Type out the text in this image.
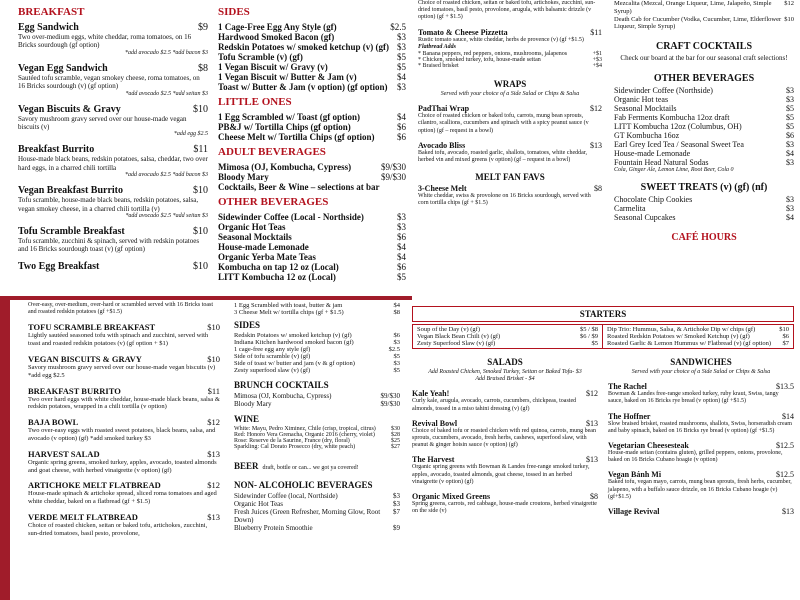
BREAKFAST
Egg Sandwich	$9
Two over-medium eggs, white cheddar, roma tomatoes, on 16 Bricks sourdough (gf option)
*add avocado $2.5 *add bacon $3
Vegan Egg Sandwich	$8
Sautéed tofu scramble, vegan smokey cheese, roma tomatoes, on 16 Bricks sourdough (v) (gf option)
*add avocado $2.5 *add seitan $3
Vegan Biscuits & Gravy	$10
Savory mushroom gravy served over our house-made vegan biscuits (v)
*add egg $2.5
Breakfast Burrito	$11
House-made black beans, redskin potatoes, salsa, cheddar, two over hard eggs, in a charred chili tortilla
*add avocado $2.5 *add bacon $3
Vegan Breakfast Burrito	$10
Tofu scramble, house-made black beans, redskin potatoes, salsa, vegan smokey cheese, in a charred chili tortilla (v)
*add avocado $2.5 *add seitan $3
Tofu Scramble Breakfast	$10
Tofu scramble, zucchini & spinach, served with redskin potatoes and 16 Bricks sourdough toast (v) (gf option)
Two Egg Breakfast	$10
SIDES
1 Cage-Free Egg Any Style (gf)	$2.5
Hardwood Smoked Bacon (gf)	$3
Redskin Potatoes w/ smoked ketchup (v) (gf) $3
Tofu Scramble (v) (gf)	$5
1 Vegan Biscuit w/ Gravy (v)	$5
1 Vegan Biscuit w/ Butter & Jam (v)	$4
Toast w/ Butter & Jam (v option) (gf option) $3
LITTLE ONES
1 Egg Scrambled w/ Toast (gf option)	$4
PB&J w/ Tortilla Chips (gf option)	$6
Cheese Melt w/ Tortilla Chips (gf option)	$6
ADULT BEVERAGES
Mimosa (OJ, Kombucha, Cypress)	$9/$30
Bloody Mary	$9/$30
Cocktails, Beer & Wine – selections at bar
OTHER BEVERAGES
Sidewinder Coffee (Local - Northside)	$3
Organic Hot Teas	$3
Seasonal Mocktails	$6
House-made Lemonade	$4
Organic Yerba Mate Teas	$4
Kombucha on tap 12 oz (Local)	$6
LITT Kombucha 12 oz (Local)	$5
Choice of roasted chicken, seitan or baked tofu, artichokes, zucchini, sun-dried tomatoes, basil pesto, provolone, arugula, with balsamic drizzle (v option) (gf + $1.5)
Tomato & Cheese Pizzetta	$11
Rustic tomato sauce, white cheddar, herbs de provence (v) (gf +$1.5)
Flatbread Adds
* Banana peppers, red peppers, onions, mushrooms, jalapenos	+$1
* Chicken, smoked turkey, tofu, house-made seitan	+$3
* Braised brisket	+$4
WRAPS
Served with your choice of a Side Salad or Chips & Salsa
PadThai Wrap	$12
Choice of roasted chicken or baked tofu, carrots, mung bean sprouts, cilantro, scallions, cucumbers and spinach with a spicy peanut sauce (v option) (gf – request in a bowl)
Avocado Bliss	$13
Baked tofu, avocado, roasted garlic, shallots, tomatoes, white cheddar, herbed vin and mixed greens (v option) (gf – request in a bowl)
MELT FAN FAVS
3-Cheese Melt	$8
White cheddar, swiss & provolone on 16 Bricks sourdough, served with corn tortilla chips (gf + $1.5)
Mezcalita (Mezcal, Orange Liqueur, Lime, Jalapeño, Simple Syrup)
$12
Death Cab for Cucumber (Vodka, Cucumber, Lime, Elderflower Liqueur, Simple Syrup)
$10
CRAFT COCKTAILS
Check our board at the bar for our seasonal craft selections!
OTHER BEVERAGES
Sidewinder Coffee (Northside)	$3
Organic Hot teas	$3
Seasonal Mocktails	$5
Fab Ferments Kombucha 12oz draft	$5
LITT Kombucha 12oz (Columbus, OH)	$5
GT Kombucha 16oz	$6
Earl Grey Iced Tea / Seasonal Sweet Tea	$3
House-made Lemonade	$4
Fountain Head Natural Sodas	$3
Cola, Ginger Ale, Lemon Lime, Root Beer, Cola 0
SWEET TREATS (v) (gf) (nf)
Chocolate Chip Cookies	$3
Carmelita	$3
Seasonal Cupcakes	$4
CAFÉ HOURS
Over-easy, over-medium, over-hard or scrambled served with 16 Bricks toast and roasted redskin potatoes (gf +$1.5)
TOFU SCRAMBLE BREAKFAST	$10
Lightly sautéed seasoned tofu with spinach and zucchini, served with toast and roasted redskin potatoes (v) (gf option + $1)
VEGAN BISCUITS & GRAVY	$10
Savory mushroom gravy served over our house-made vegan biscuits (v) *add egg $2.5
BREAKFAST BURRITO	$11
Two over hard eggs with white cheddar, house-made black beans, salsa & redskin potatoes, wrapped in a chili tortilla (v option)
BAJA BOWL	$12
Two over-easy eggs with roasted sweet potatoes, black beans, salsa, and avocado (v option) (gf) *add smoked turkey $3
HARVEST SALAD	$13
Organic spring greens, smoked turkey, apples, avocado, toasted almonds and goat cheese, with herbed vinaigrette (v option) (gf)
ARTICHOKE MELT FLATBREAD	$12
House-made spinach & artichoke spread, sliced roma tomatoes and aged white cheddar, baked on a flatbread (gf + $1.5)
VERDE MELT FLATBREAD	$13
Choice of roasted chicken, seitan or baked tofu, artichokes, zucchini, sun-dried tomatoes, basil pesto, provolone,
1 Egg Scrambled with toast, butter & jam	$4
3 Cheese Melt w/ tortilla chips (gf + $1.5)	$8
SIDES
Redskin Potatoes w/ smoked ketchup (v) (gf)	$6
Indiana Kitchen hardwood smoked bacon (gf)	$3
1 cage-free egg any style (gf)	$2.5
Side of tofu scramble (v) (gf)	$5
Side of toast w/ butter and jam (v & gf option)	$3
Zesty superfood slaw (v) (gf)	$5
BRUNCH COCKTAILS
Mimosa (OJ, Kombucha, Cypress)	$9/$30
Bloody Mary	$9/$30
WINE
White: Mayu, Pedro Ximinez, Chile (crisp, tropical, citrus)	$30
Red: Honoro Vera Grenacha, Organic 2016 (cherry, violet)	$28
Rose: Reserve de la Saurine, France (dry, floral)	$25
Sparkling: Cal Dorato Prosecco (dry, white peach)	$27
BEER draft, bottle or can... we got ya covered!
NON- ALCOHOLIC BEVERAGES
Sidewinder Coffee (local, Northside)	$3
Organic Hot Teas	$3
Fresh Juices (Green Refresher, Morning Glow, Root Down)
$7
Blueberry Protein Smoothie	$9
STARTERS
Soup of the Day (v) (gf)	$5 / $8
Vegan Black Bean Chili (v) (gf)	$6 / $9
Zesty Superfood Slaw (v) (gf)	$5
Dip Trio: Hummus, Salsa, & Artichoke Dip w/ chips (gf)	$10
Roasted Redskin Potatoes w/ Smoked Ketchup (v) (gf)	$6
Roasted Garlic & Lemon Hummus w/ Flatbread (v) (gf option) $7
SALADS
Add Roasted Chicken, Smoked Turkey, Seitan or Baked Tofu- $3
Add Braised Brisket - $4
Kale Yeah!	$12
Curly kale, arugula, avocado, carrots, cucumbers, chickpeas, toasted almonds, tossed in a miso tahini dressing (v) (gf)
Revival Bowl	$13
Choice of baked tofu or roasted chicken with red quinoa, carrots, mung bean sprouts, cucumbers, avocado, fresh herbs, cashews, superfood slaw, with peanut & ginger hoisin sauce (v option) (gf)
The Harvest	$13
Organic spring greens with Bowman & Landes free-range smoked turkey, apples, avocado, toasted almonds, goat cheese, tossed in an herbed vinaigrette (v option) (gf)
Organic Mixed Greens	$8
Spring greens, carrots, red cabbage, house-made croutons, herbed vinaigrette on the side (v)
SANDWICHES
Served with your choice of a Side Salad or Chips & Salsa
The Rachel	$13.5
Bowman & Landes free-range smoked turkey, ruby kraut, Swiss, tangy sauce, baked on 16 Bricks rye bread (v option) (gf +$1.5)
The Hoffner	$14
Slow braised brisket, roasted mushrooms, shallots, Swiss, horseradish cream and baby spinach, baked on 16 Bricks rye bread (v option) (gf +$1.5)
Vegetarian Cheesesteak	$12.5
House-made seitan (contains gluten), grilled peppers, onions, provolone, baked on 16 Bricks Cubano hoagie (v option)
Vegan Bánh Mi	$12.5
Baked tofu, vegan mayo, carrots, mung bean sprouts, fresh herbs, cucumber, jalapeno, with a buffalo sauce drizzle, on 16 Bricks Cubano hoagie (v) (gf+$1.5)
Village Revival	$13
